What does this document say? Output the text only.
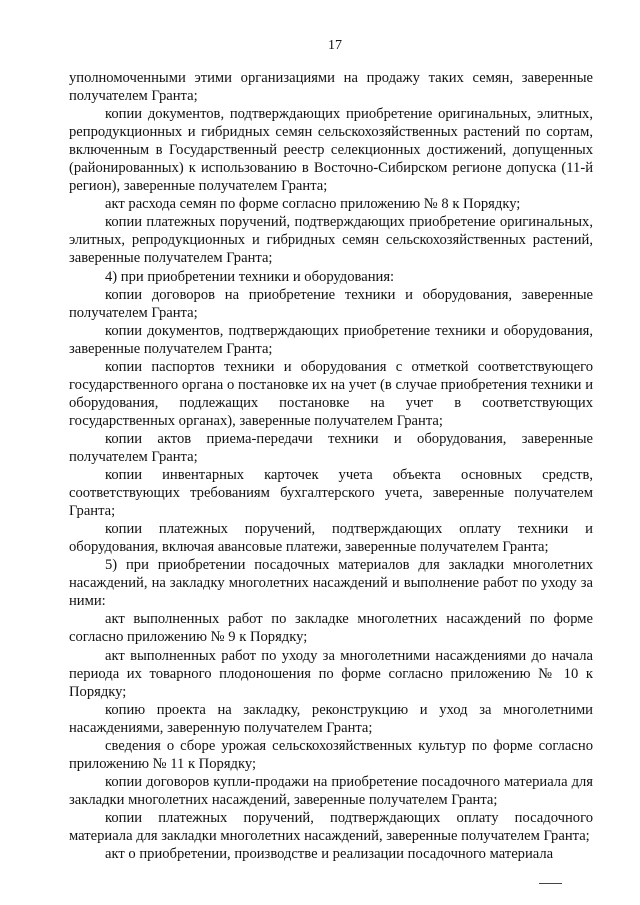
17

уполномоченными этими организациями на продажу таких семян, заверенные получателем Гранта;

копии документов, подтверждающих приобретение оригинальных, элитных, репродукционных и гибридных семян сельскохозяйственных растений по сортам, включенным в Государственный реестр селекционных достижений, допущенных (районированных) к использованию в Восточно-Сибирском регионе допуска (11-й регион), заверенные получателем Гранта;

акт расхода семян по форме согласно приложению № 8 к Порядку;

копии платежных поручений, подтверждающих приобретение оригинальных, элитных, репродукционных и гибридных семян сельскохозяйственных растений, заверенные получателем Гранта;

4) при приобретении техники и оборудования:

копии договоров на приобретение техники и оборудования, заверенные получателем Гранта;

копии документов, подтверждающих приобретение техники и оборудования, заверенные получателем Гранта;

копии паспортов техники и оборудования с отметкой соответствующего государственного органа о постановке их на учет (в случае приобретения техники и оборудования, подлежащих постановке на учет в соответствующих государственных органах), заверенные получателем Гранта;

копии актов приема-передачи техники и оборудования, заверенные получателем Гранта;

копии инвентарных карточек учета объекта основных средств, соответствующих требованиям бухгалтерского учета, заверенные получателем Гранта;

копии платежных поручений, подтверждающих оплату техники и оборудования, включая авансовые платежи, заверенные получателем Гранта;

5) при приобретении посадочных материалов для закладки многолетних насаждений, на закладку многолетних насаждений и выполнение работ по уходу за ними:

акт выполненных работ по закладке многолетних насаждений по форме согласно приложению № 9 к Порядку;

акт выполненных работ по уходу за многолетними насаждениями до начала периода их товарного плодоношения по форме согласно приложению № 10 к Порядку;

копию проекта на закладку, реконструкцию и уход за многолетними насаждениями, заверенную получателем Гранта;

сведения о сборе урожая сельскохозяйственных культур по форме согласно приложению № 11 к Порядку;

копии договоров купли-продажи на приобретение посадочного материала для закладки многолетних насаждений, заверенные получателем Гранта;

копии платежных поручений, подтверждающих оплату посадочного материала для закладки многолетних насаждений, заверенные получателем Гранта;

акт о приобретении, производстве и реализации посадочного материала
